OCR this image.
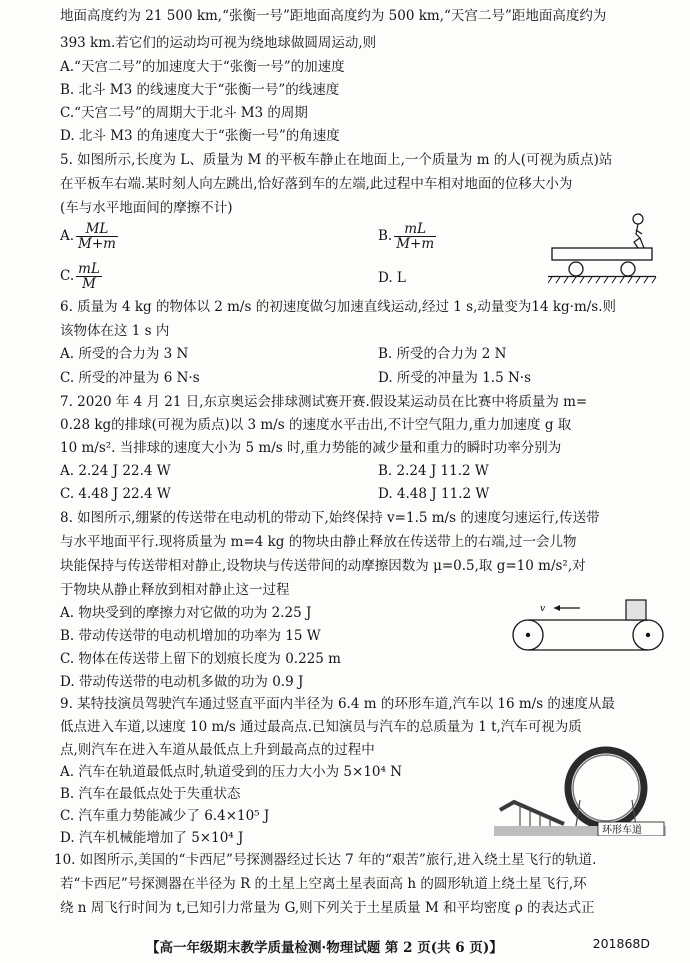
地面高度约为 21 500 km,“张衡一号”距地面高度约为 500 km,“天宫二号”距地面高度约为
393 km.若它们的运动均可视为绕地球做圆周运动,则
A.“天宫二号”的加速度大于“张衡一号”的加速度
B. 北斗 M3 的线速度大于“张衡一号”的线速度
C.“天宫二号”的周期大于北斗 M3 的周期
D. 北斗 M3 的角速度大于“张衡一号”的角速度
5. 如图所示,长度为 L、质量为 M 的平板车静止在地面上,一个质量为 m 的人(可视为质点)站
在平板车右端.某时刻人向左跳出,恰好落到车的左端,此过程中车相对地面的位移大小为
(车与水平地面间的摩擦不计)
A. $\frac{ML}{M+m}$	B. $\frac{mL}{M+m}$
C. $\frac{mL}{M}$	D. L
6. 质量为 4 kg 的物体以 2 m/s 的初速度做匀加速直线运动,经过 1 s,动量变为14 kg·m/s.则
该物体在这 1 s 内
A. 所受的合力为 3 N	B. 所受的合力为 2 N
C. 所受的冲量为 6 N·s	D. 所受的冲量为 1.5 N·s
7. 2020 年 4 月 21 日,东京奥运会排球测试赛开赛.假设某运动员在比赛中将质量为 m=
0.28 kg的排球(可视为质点)以 3 m/s 的速度水平击出,不计空气阻力,重力加速度 g 取
10 m/s². 当排球的速度大小为 5 m/s 时,重力势能的减少量和重力的瞬时功率分别为
A. 2.24 J 22.4 W	B. 2.24 J 11.2 W
C. 4.48 J 22.4 W	D. 4.48 J 11.2 W
8. 如图所示,绷紧的传送带在电动机的带动下,始终保持 v=1.5 m/s 的速度匀速运行,传送带
与水平地面平行.现将质量为 m=4 kg 的物块由静止释放在传送带上的右端,过一会儿物
块能保持与传送带相对静止,设物块与传送带间的动摩擦因数为 μ=0.5,取 g=10 m/s²,对
于物块从静止释放到相对静止这一过程
A. 物块受到的摩擦力对它做的功为 2.25 J
B. 带动传送带的电动机增加的功率为 15 W
C. 物体在传送带上留下的划痕长度为 0.225 m
D. 带动传送带的电动机多做的功为 0.9 J
v
9. 某特技演员驾驶汽车通过竖直平面内半径为 6.4 m 的环形车道,汽车以 16 m/s 的速度从最
低点进入车道,以速度 10 m/s 通过最高点.已知演员与汽车的总质量为 1 t,汽车可视为质
点,则汽车在进入车道从最低点上升到最高点的过程中
A. 汽车在轨道最低点时,轨道受到的压力大小为 5×10⁴ N
B. 汽车在最低点处于失重状态
C. 汽车重力势能减少了 6.4×10⁵ J
D. 汽车机械能增加了 5×10⁴ J	环形车道
10. 如图所示,美国的“卡西尼”号探测器经过长达 7 年的“艰苦”旅行,进入绕土星飞行的轨道.
若“卡西尼”号探测器在半径为 R 的土星上空离土星表面高 h 的圆形轨道上绕土星飞行,环
绕 n 周飞行时间为 t,已知引力常量为 G,则下列关于土星质量 M 和平均密度 ρ 的表达式正
【高一年级期末教学质量检测·物理试题 第 2 页(共 6 页)】	201868D
